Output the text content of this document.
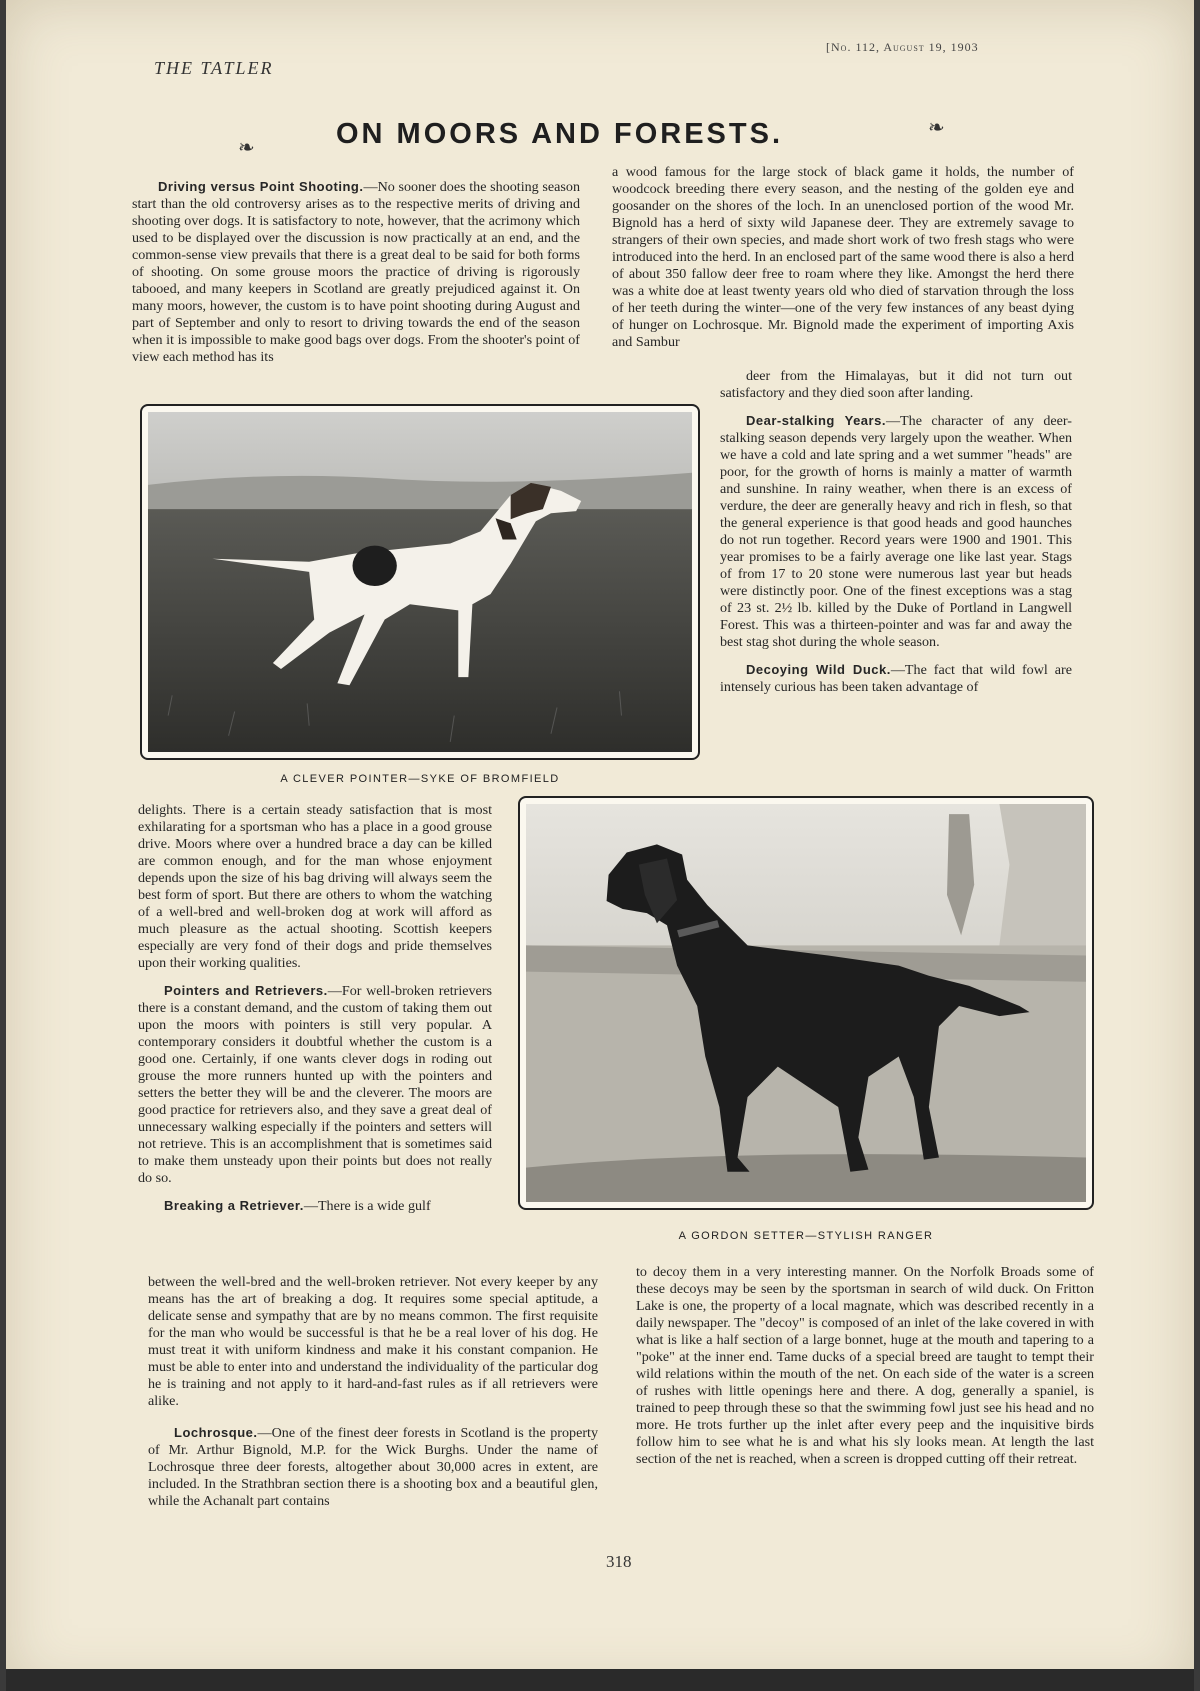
THE TATLER
[No. 112, August 19, 1903
❧	ON MOORS AND FORESTS.	❧

Driving versus Point Shooting.—No sooner does the shooting season start than the old controversy arises as to the respective merits of driving and shooting over dogs. It is satisfactory to note, however, that the acrimony which used to be displayed over the discussion is now practically at an end, and the common-sense view prevails that there is a great deal to be said for both forms of shooting. On some grouse moors the practice of driving is rigorously tabooed, and many keepers in Scotland are greatly prejudiced against it. On many moors, however, the custom is to have point shooting during August and part of September and only to resort to driving towards the end of the season when it is impossible to make good bags over dogs. From the shooter's point of view each method has its

a wood famous for the large stock of black game it holds, the number of woodcock breeding there every season, and the nesting of the golden eye and goosander on the shores of the loch. In an unenclosed portion of the wood Mr. Bignold has a herd of sixty wild Japanese deer. They are extremely savage to strangers of their own species, and made short work of two fresh stags who were introduced into the herd. In an enclosed part of the same wood there is also a herd of about 350 fallow deer free to roam where they like. Amongst the herd there was a white doe at least twenty years old who died of starvation through the loss of her teeth during the winter—one of the very few instances of any beast dying of hunger on Lochrosque. Mr. Bignold made the experiment of importing Axis and Sambur

deer from the Himalayas, but it did not turn out satisfactory and they died soon after landing.

Dear-stalking Years.—The character of any deer-stalking season depends very largely upon the weather. When we have a cold and late spring and a wet summer "heads" are poor, for the growth of horns is mainly a matter of warmth and sunshine. In rainy weather, when there is an excess of verdure, the deer are generally heavy and rich in flesh, so that the general experience is that good heads and good haunches do not run together. Record years were 1900 and 1901. This year promises to be a fairly average one like last year. Stags of from 17 to 20 stone were numerous last year but heads were distinctly poor. One of the finest exceptions was a stag of 23 st. 2½ lb. killed by the Duke of Portland in Langwell Forest. This was a thirteen-pointer and was far and away the best stag shot during the whole season.

Decoying Wild Duck.—The fact that wild fowl are intensely curious has been taken advantage of

A CLEVER POINTER—SYKE OF BROMFIELD

delights. There is a certain steady satisfaction that is most exhilarating for a sportsman who has a place in a good grouse drive. Moors where over a hundred brace a day can be killed are common enough, and for the man whose enjoyment depends upon the size of his bag driving will always seem the best form of sport. But there are others to whom the watching of a well-bred and well-broken dog at work will afford as much pleasure as the actual shooting. Scottish keepers especially are very fond of their dogs and pride themselves upon their working qualities.

Pointers and Retrievers.—For well-broken retrievers there is a constant demand, and the custom of taking them out upon the moors with pointers is still very popular. A contemporary considers it doubtful whether the custom is a good one. Certainly, if one wants clever dogs in roding out grouse the more runners hunted up with the pointers and setters the better they will be and the cleverer. The moors are good practice for retrievers also, and they save a great deal of unnecessary walking especially if the pointers and setters will not retrieve. This is an accomplishment that is sometimes said to make them unsteady upon their points but does not really do so.

Breaking a Retriever.—There is a wide gulf

A GORDON SETTER—STYLISH RANGER

between the well-bred and the well-broken retriever. Not every keeper by any means has the art of breaking a dog. It requires some special aptitude, a delicate sense and sympathy that are by no means common. The first requisite for the man who would be successful is that he be a real lover of his dog. He must treat it with uniform kindness and make it his constant companion. He must be able to enter into and understand the individuality of the particular dog he is training and not apply to it hard-and-fast rules as if all retrievers were alike.

Lochrosque.—One of the finest deer forests in Scotland is the property of Mr. Arthur Bignold, M.P. for the Wick Burghs. Under the name of Lochrosque three deer forests, altogether about 30,000 acres in extent, are included. In the Strathbran section there is a shooting box and a beautiful glen, while the Achanalt part contains

to decoy them in a very interesting manner. On the Norfolk Broads some of these decoys may be seen by the sportsman in search of wild duck. On Fritton Lake is one, the property of a local magnate, which was described recently in a daily newspaper. The "decoy" is composed of an inlet of the lake covered in with what is like a half section of a large bonnet, huge at the mouth and tapering to a "poke" at the inner end. Tame ducks of a special breed are taught to tempt their wild relations within the mouth of the net. On each side of the water is a screen of rushes with little openings here and there. A dog, generally a spaniel, is trained to peep through these so that the swimming fowl just see his head and no more. He trots further up the inlet after every peep and the inquisitive birds follow him to see what he is and what his sly looks mean. At length the last section of the net is reached, when a screen is dropped cutting off their retreat.

318
